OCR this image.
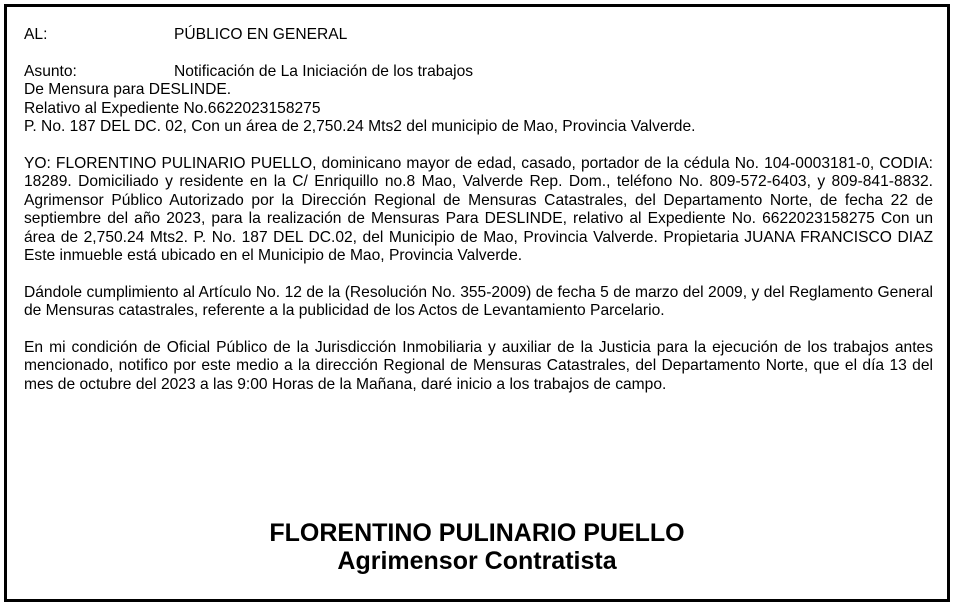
AL:	PÚBLICO EN GENERAL
Asunto:	Notificación de La Iniciación de los trabajos
De Mensura para DESLINDE.
Relativo al Expediente No.6622023158275
P. No. 187 DEL DC. 02, Con un área de 2,750.24 Mts2 del municipio de Mao, Provincia Valverde.
YO: FLORENTINO PULINARIO PUELLO, dominicano mayor de edad, casado, portador de la cédula No. 104-0003181-0, CODIA: 18289. Domiciliado y residente en la C/ Enriquillo no.8 Mao, Valverde Rep. Dom., teléfono No. 809-572-6403, y 809-841-8832. Agrimensor Público Autorizado por la Dirección Regional de Mensuras Catastrales, del Departamento Norte, de fecha 22 de septiembre del año 2023, para la realización de Mensuras Para DESLINDE, relativo al Expediente No. 6622023158275 Con un área de 2,750.24 Mts2. P. No. 187 DEL DC.02, del Municipio de Mao, Provincia Valverde. Propietaria JUANA FRANCISCO DIAZ Este inmueble está ubicado en el Municipio de Mao, Provincia Valverde.
Dándole cumplimiento al Artículo No. 12 de la (Resolución No. 355-2009) de fecha 5 de marzo del 2009, y del Reglamento General de Mensuras catastrales, referente a la publicidad de los Actos de Levantamiento Parcelario.
En mi condición de Oficial Público de la Jurisdicción Inmobiliaria y auxiliar de la Justicia para la ejecución de los trabajos antes mencionado, notifico por este medio a la dirección Regional de Mensuras Catastrales, del Departamento Norte, que el día 13 del mes de octubre del 2023 a las 9:00 Horas de la Mañana, daré inicio a los trabajos de campo.
FLORENTINO PULINARIO PUELLO
Agrimensor Contratista
